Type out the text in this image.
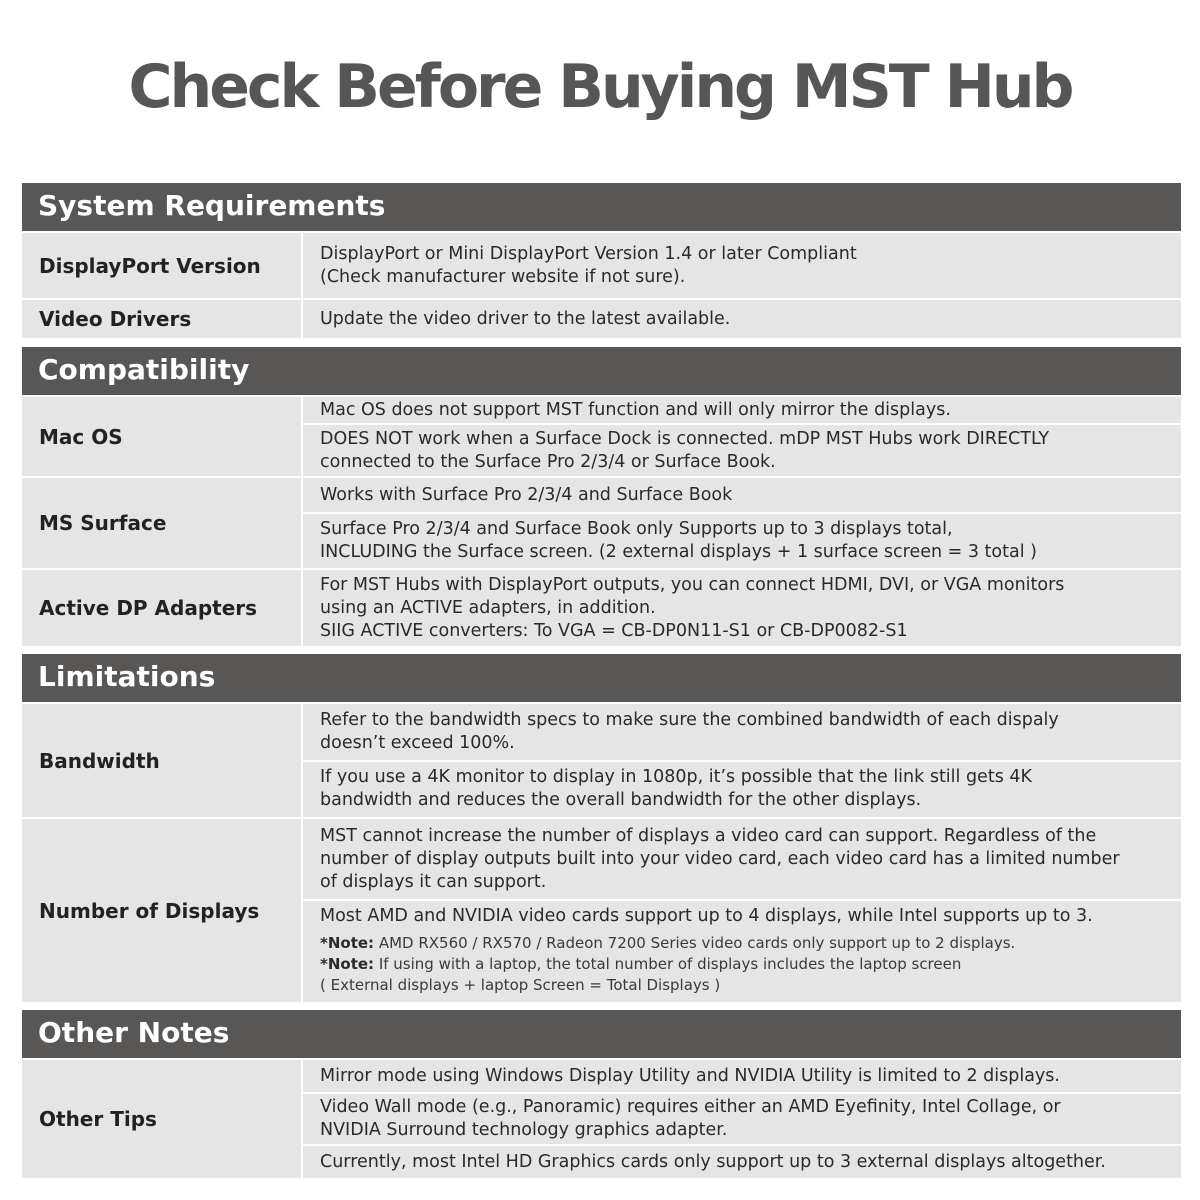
Check Before Buying MST Hub
System Requirements
DisplayPort Version	DisplayPort or Mini DisplayPort Version 1.4 or later Compliant
(Check manufacturer website if not sure).
Video Drivers	Update the video driver to the latest available.
Compatibility
Mac OS
Mac OS does not support MST function and will only mirror the displays.
DOES NOT work when a Surface Dock is connected. mDP MST Hubs work DIRECTLY
connected to the Surface Pro 2/3/4 or Surface Book.
MS Surface
Works with Surface Pro 2/3/4 and Surface Book
Surface Pro 2/3/4 and Surface Book only Supports up to 3 displays total,
INCLUDING the Surface screen. (2 external displays + 1 surface screen = 3 total )
Active DP Adapters
For MST Hubs with DisplayPort outputs, you can connect HDMI, DVI, or VGA monitors
using an ACTIVE adapters, in addition.
SIIG ACTIVE converters: To VGA = CB-DP0N11-S1 or CB-DP0082-S1
Limitations
Bandwidth
Refer to the bandwidth specs to make sure the combined bandwidth of each dispaly
doesn’t exceed 100%.
If you use a 4K monitor to display in 1080p, it’s possible that the link still gets 4K
bandwidth and reduces the overall bandwidth for the other displays.
Number of Displays
MST cannot increase the number of displays a video card can support. Regardless of the
number of display outputs built into your video card, each video card has a limited number
of displays it can support.
Most AMD and NVIDIA video cards support up to 4 displays, while Intel supports up to 3.
*Note: AMD RX560 / RX570 / Radeon 7200 Series video cards only support up to 2 displays.
*Note: If using with a laptop, the total number of displays includes the laptop screen
( External displays + laptop Screen = Total Displays )
Other Notes
Other Tips
Mirror mode using Windows Display Utility and NVIDIA Utility is limited to 2 displays.
Video Wall mode (e.g., Panoramic) requires either an AMD Eyefinity, Intel Collage, or
NVIDIA Surround technology graphics adapter.
Currently, most Intel HD Graphics cards only support up to 3 external displays altogether.
